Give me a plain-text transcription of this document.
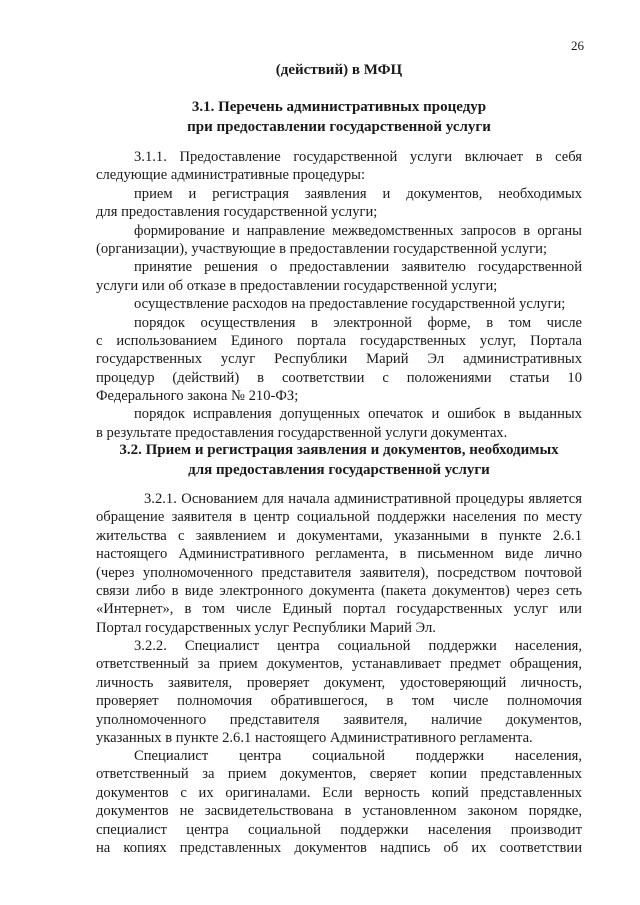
26
(действий) в МФЦ
3.1. Перечень административных процедур
при предоставлении государственной услуги
3.1.1. Предоставление государственной услуги включает в себя
следующие административные процедуры:
прием и регистрация заявления и документов, необходимых
для предоставления государственной услуги;
формирование и направление межведомственных запросов в органы
(организации), участвующие в предоставлении государственной услуги;
принятие решения о предоставлении заявителю государственной
услуги или об отказе в предоставлении государственной услуги;
осуществление расходов на предоставление государственной услуги;
порядок осуществления в электронной форме, в том числе
с использованием Единого портала государственных услуг, Портала
государственных услуг Республики Марий Эл административных
процедур (действий) в соответствии с положениями статьи 10
Федерального закона № 210-ФЗ;
порядок исправления допущенных опечаток и ошибок в выданных
в результате предоставления государственной услуги документах.
3.2. Прием и регистрация заявления и документов, необходимых
для предоставления государственной услуги
3.2.1. Основанием для начала административной процедуры является
обращение заявителя в центр социальной поддержки населения по месту
жительства с заявлением и документами, указанными в пункте 2.6.1
настоящего Административного регламента, в письменном виде лично
(через уполномоченного представителя заявителя), посредством почтовой
связи либо в виде электронного документа (пакета документов) через сеть
«Интернет», в том числе Единый портал государственных услуг или
Портал государственных услуг Республики Марий Эл.
3.2.2. Специалист центра социальной поддержки населения,
ответственный за прием документов, устанавливает предмет обращения,
личность заявителя, проверяет документ, удостоверяющий личность,
проверяет полномочия обратившегося, в том числе полномочия
уполномоченного представителя заявителя, наличие документов,
указанных в пункте 2.6.1 настоящего Административного регламента.
Специалист центра социальной поддержки населения,
ответственный за прием документов, сверяет копии представленных
документов с их оригиналами. Если верность копий представленных
документов не засвидетельствована в установленном законом порядке,
специалист центра социальной поддержки населения производит
на копиях представленных документов надпись об их соответствии
